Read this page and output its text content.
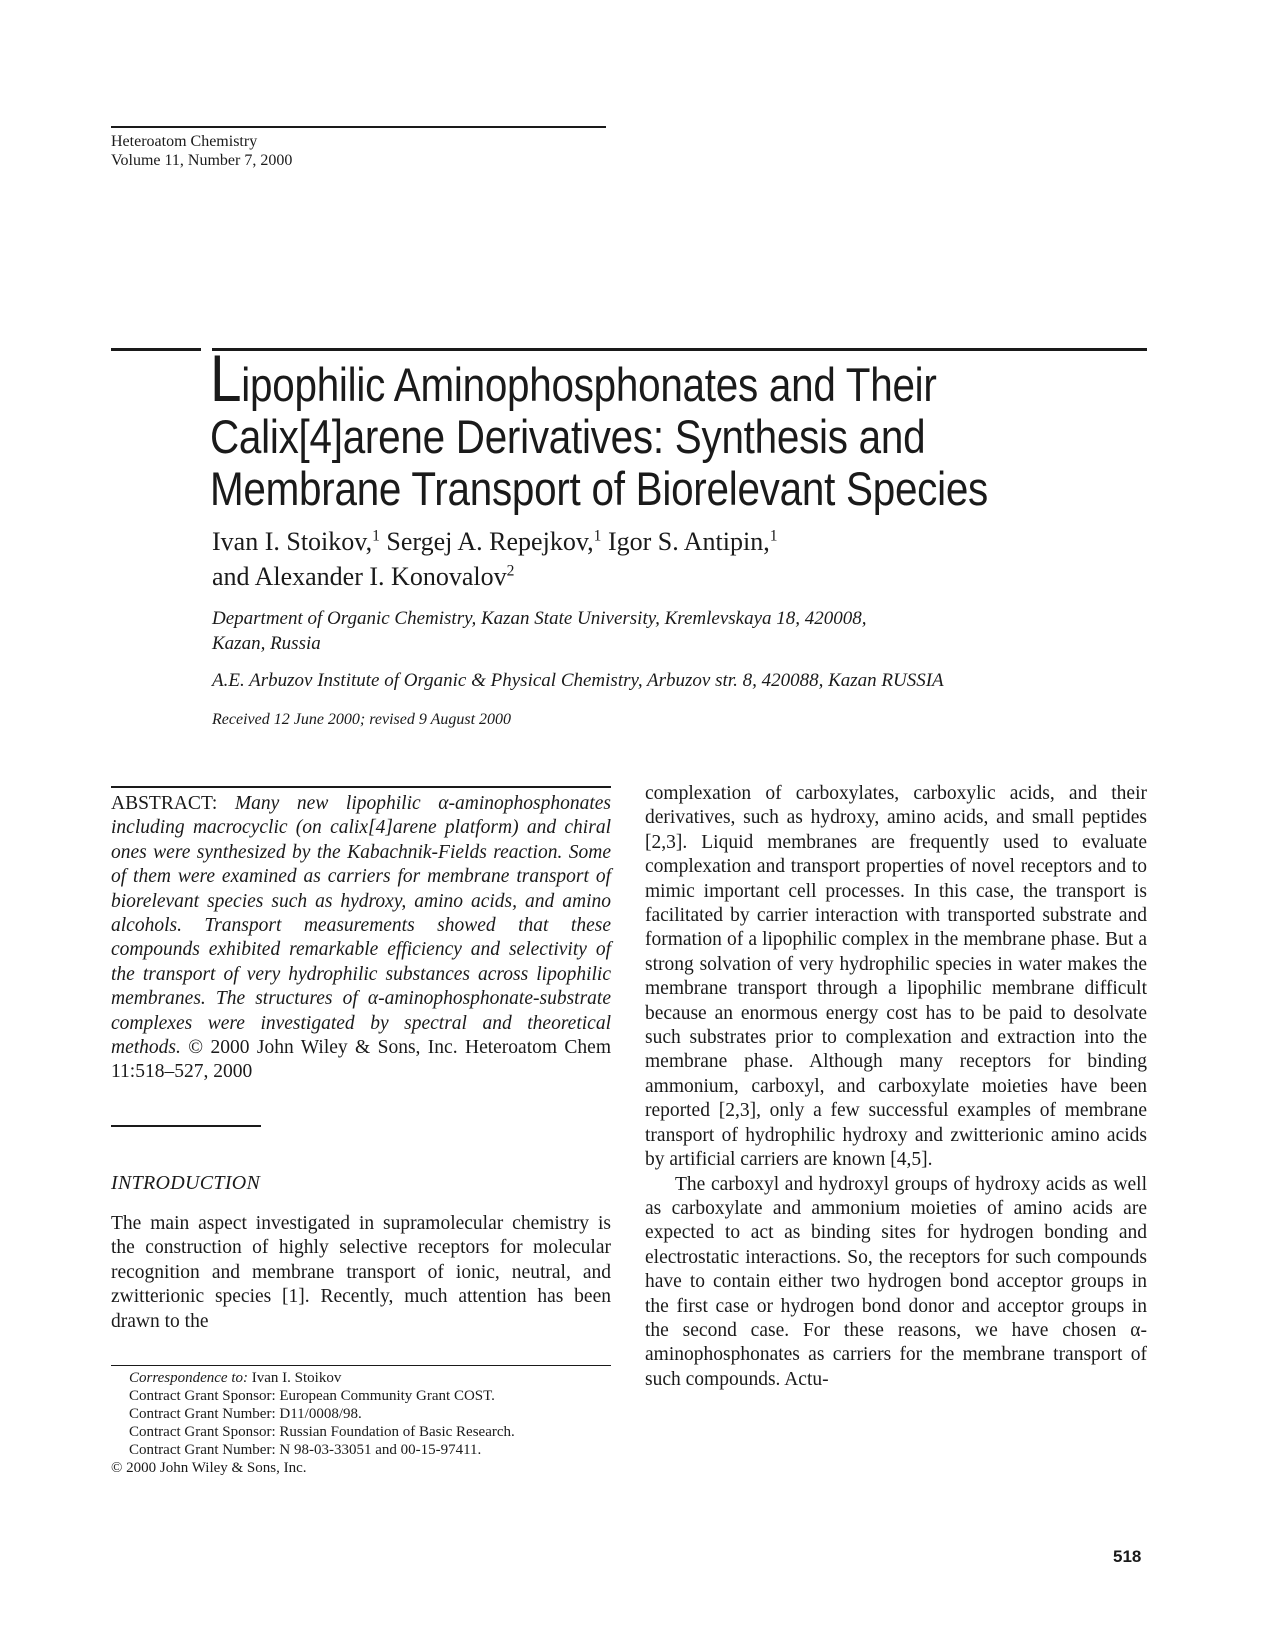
Heteroatom Chemistry
Volume 11, Number 7, 2000
Lipophilic Aminophosphonates and Their
Calix[4]arene Derivatives: Synthesis and
Membrane Transport of Biorelevant Species
Ivan I. Stoikov,$^1$ Sergej A. Repejkov,$^1$ Igor S. Antipin,$^1$
and Alexander I. Konovalov$^2$
Department of Organic Chemistry, Kazan State University, Kremlevskaya 18, 420008,
Kazan, Russia
A.E. Arbuzov Institute of Organic & Physical Chemistry, Arbuzov str. 8, 420088, Kazan RUSSIA
Received 12 June 2000; revised 9 August 2000
ABSTRACT: Many new lipophilic α-aminophosphonates including macrocyclic (on calix[4]arene platform) and chiral ones were synthesized by the Kabachnik-Fields reaction. Some of them were examined as carriers for membrane transport of biorelevant species such as hydroxy, amino acids, and amino alcohols. Transport measurements showed that these compounds exhibited remarkable efficiency and selectivity of the transport of very hydrophilic substances across lipophilic membranes. The structures of α-aminophosphonate-substrate complexes were investigated by spectral and theoretical methods. © 2000 John Wiley & Sons, Inc. Heteroatom Chem 11:518–527, 2000
INTRODUCTION
The main aspect investigated in supramolecular chemistry is the construction of highly selective receptors for molecular recognition and membrane transport of ionic, neutral, and zwitterionic species [1]. Recently, much attention has been drawn to the

Correspondence to: Ivan I. Stoikov

Contract Grant Sponsor: European Community Grant COST.

Contract Grant Number: D11/0008/98.

Contract Grant Sponsor: Russian Foundation of Basic Research.

Contract Grant Number: N 98-03-33051 and 00-15-97411.

© 2000 John Wiley & Sons, Inc.

complexation of carboxylates, carboxylic acids, and their derivatives, such as hydroxy, amino acids, and small peptides [2,3]. Liquid membranes are frequently used to evaluate complexation and transport properties of novel receptors and to mimic important cell processes. In this case, the transport is facilitated by carrier interaction with transported substrate and formation of a lipophilic complex in the membrane phase. But a strong solvation of very hydrophilic species in water makes the membrane transport through a lipophilic membrane difficult because an enormous energy cost has to be paid to desolvate such substrates prior to complexation and extraction into the membrane phase. Although many receptors for binding ammonium, carboxyl, and carboxylate moieties have been reported [2,3], only a few successful examples of membrane transport of hydrophilic hydroxy and zwitterionic amino acids by artificial carriers are known [4,5].

The carboxyl and hydroxyl groups of hydroxy acids as well as carboxylate and ammonium moieties of amino acids are expected to act as binding sites for hydrogen bonding and electrostatic interactions. So, the receptors for such compounds have to contain either two hydrogen bond acceptor groups in the first case or hydrogen bond donor and acceptor groups in the second case. For these reasons, we have chosen α-aminophosphonates as carriers for the membrane transport of such compounds. Actu-

518
